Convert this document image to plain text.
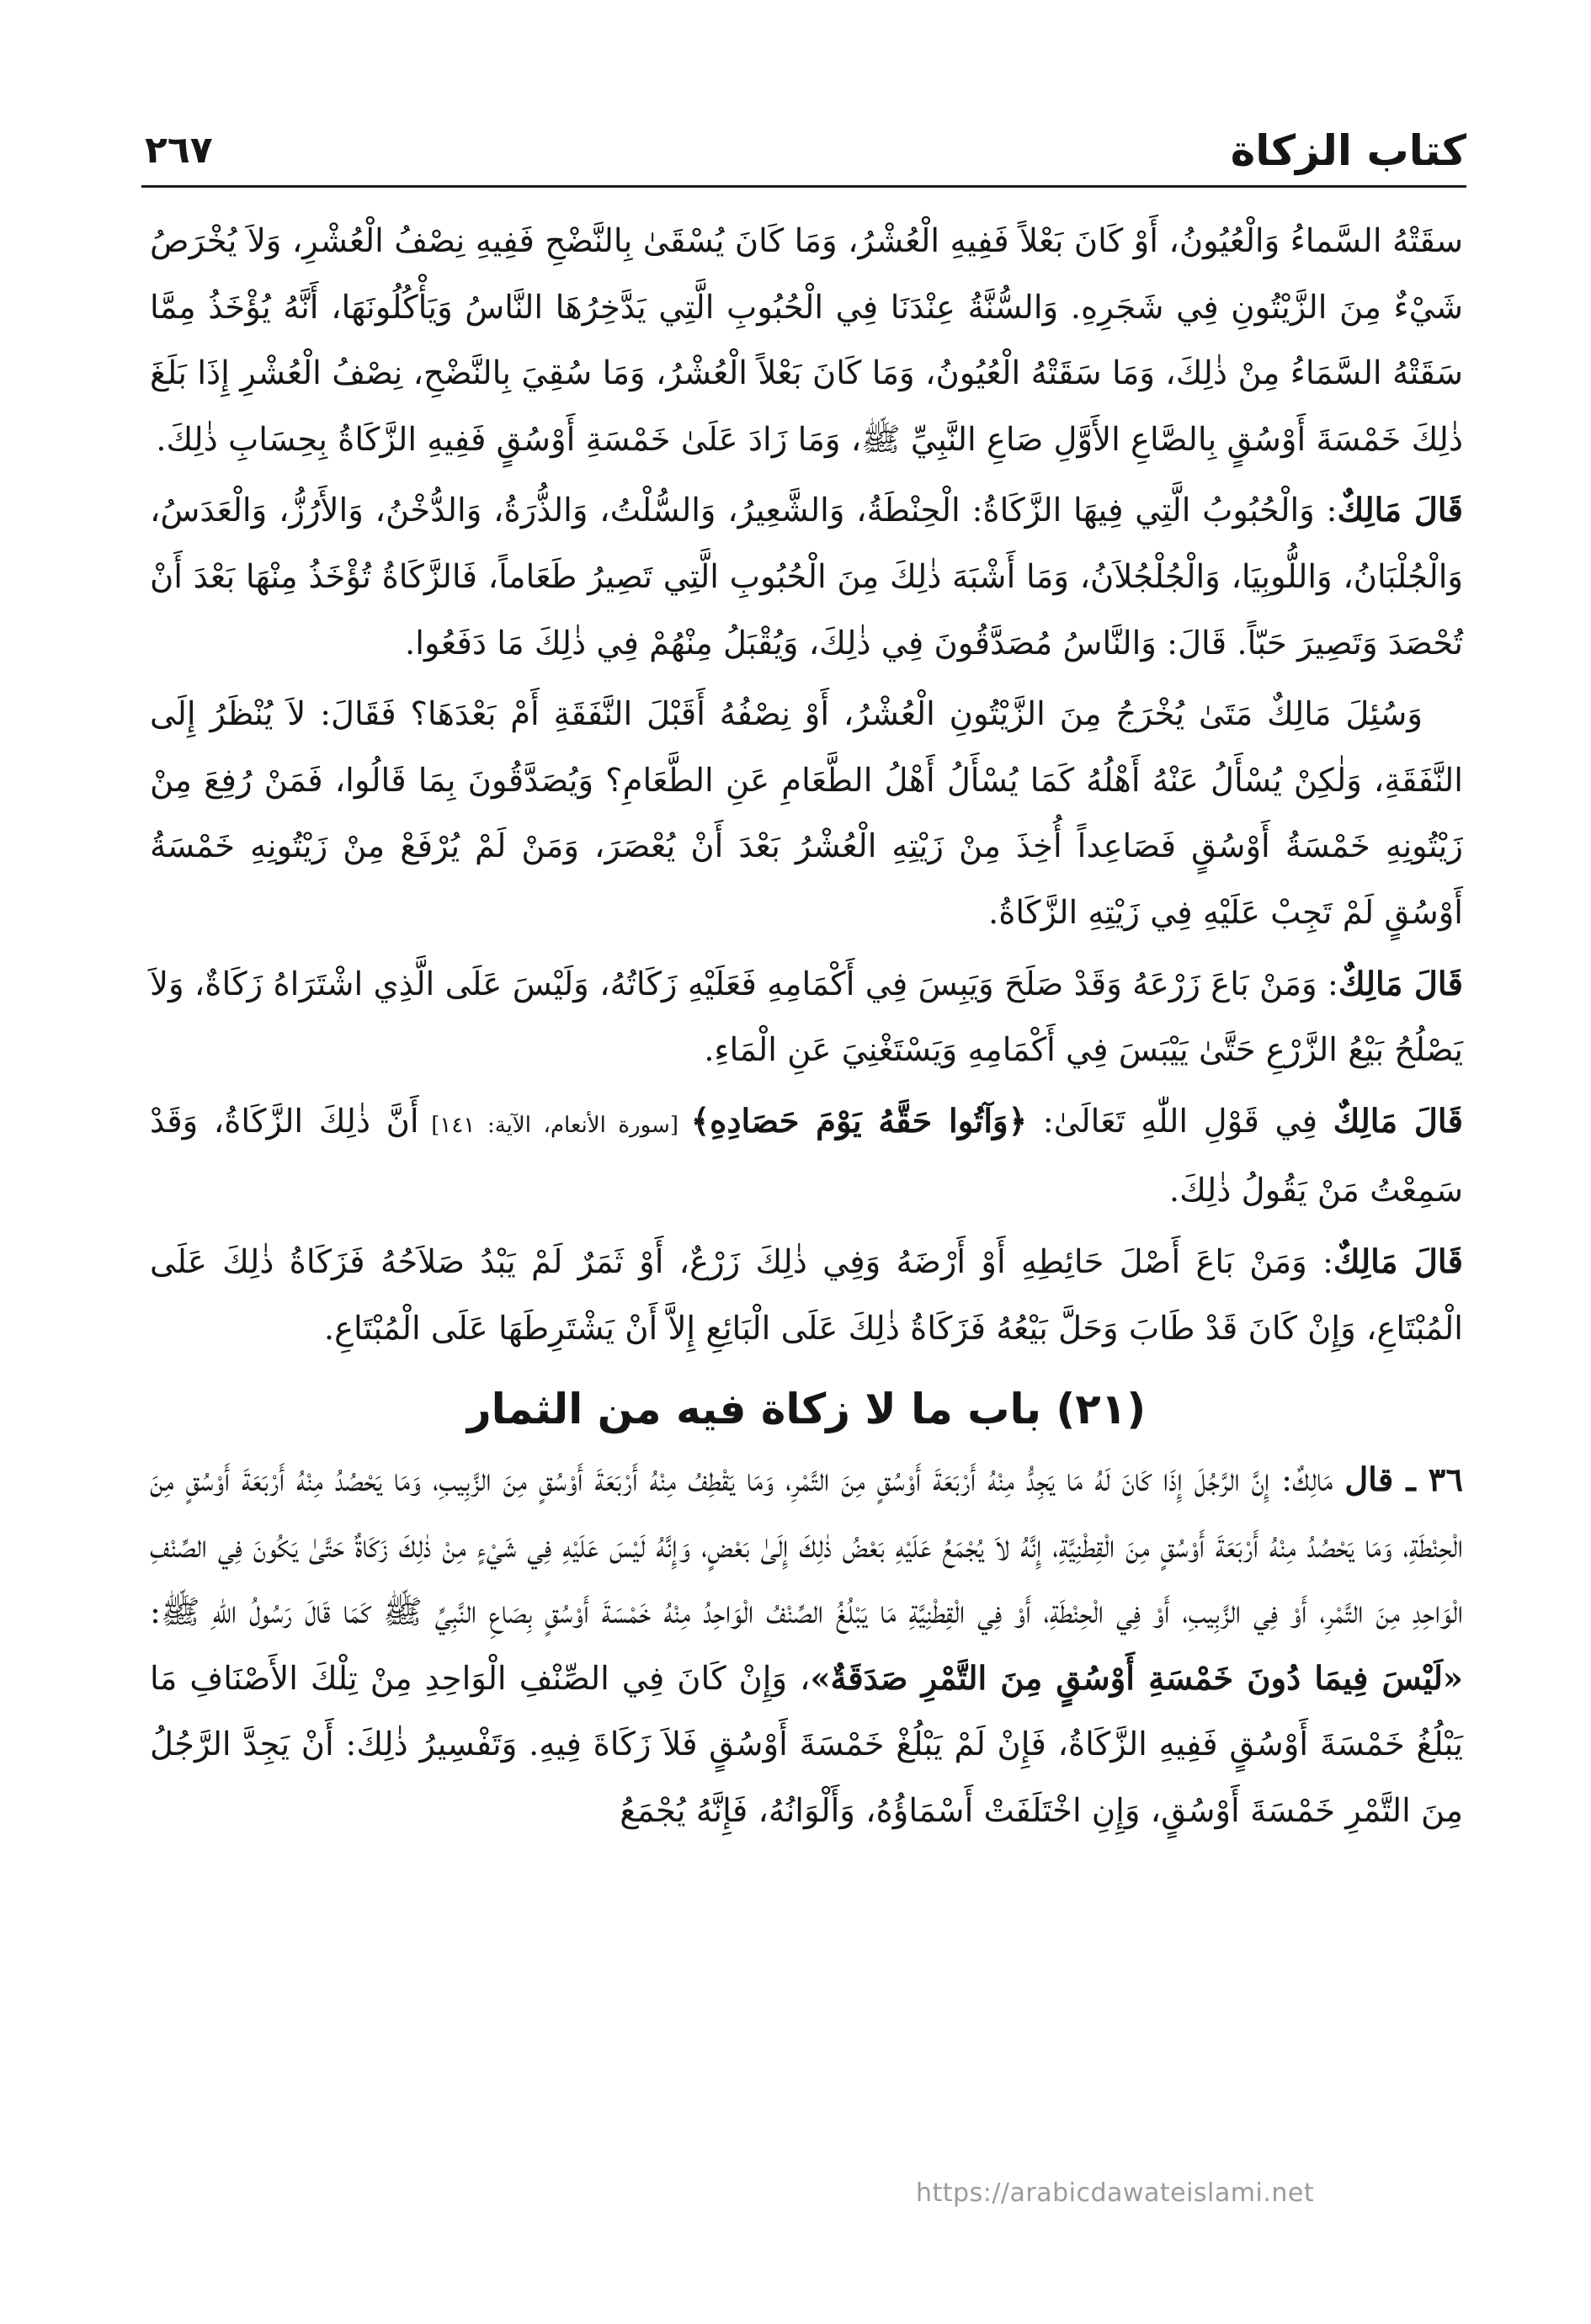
كتاب الزكاة
٢٦٧

سقَتْهُ السَّماءُ وَالْعُيُونُ، أَوْ كَانَ بَعْلاً فَفِيهِ الْعُشْرُ، وَمَا كَانَ يُسْقَىٰ بِالنَّضْحِ فَفِيهِ نِصْفُ الْعُشْرِ، وَلاَ يُخْرَصُ شَيْءٌ مِنَ الزَّيْتُونِ فِي شَجَرِهِ. وَالسُّنَّةُ عِنْدَنَا فِي الْحُبُوبِ الَّتِي يَدَّخِرُهَا النَّاسُ وَيَأْكُلُونَهَا، أَنَّهُ يُؤْخَذُ مِمَّا سَقَتْهُ السَّمَاءُ مِنْ ذٰلِكَ، وَمَا سَقَتْهُ الْعُيُونُ، وَمَا كَانَ بَعْلاً الْعُشْرُ، وَمَا سُقِيَ بِالنَّضْحِ، نِصْفُ الْعُشْرِ إِذَا بَلَغَ ذٰلِكَ خَمْسَةَ أَوْسُقٍ بِالصَّاعِ الأَوَّلِ صَاعِ النَّبِيِّ ﷺ، وَمَا زَادَ عَلَىٰ خَمْسَةِ أَوْسُقٍ فَفِيهِ الزَّكَاةُ بِحِسَابِ ذٰلِكَ.

قَالَ مَالِكٌ: وَالْحُبُوبُ الَّتِي فِيهَا الزَّكَاةُ: الْحِنْطَةُ، وَالشَّعِيرُ، وَالسُّلْتُ، وَالذُّرَةُ، وَالدُّخْنُ، وَالأَرُزُّ، وَالْعَدَسُ، وَالْجُلْبَانُ، وَاللُّوبِيَا، وَالْجُلْجُلاَنُ، وَمَا أَشْبَهَ ذٰلِكَ مِنَ الْحُبُوبِ الَّتِي تَصِيرُ طَعَاماً، فَالزَّكَاةُ تُؤْخَذُ مِنْهَا بَعْدَ أَنْ تُحْصَدَ وَتَصِيرَ حَبّاً. قَالَ: وَالنَّاسُ مُصَدَّقُونَ فِي ذٰلِكَ، وَيُقْبَلُ مِنْهُمْ فِي ذٰلِكَ مَا دَفَعُوا.

وَسُئِلَ مَالِكٌ مَتَىٰ يُخْرَجُ مِنَ الزَّيْتُونِ الْعُشْرُ، أَوْ نِصْفُهُ أَقَبْلَ النَّفَقَةِ أَمْ بَعْدَهَا؟ فَقَالَ: لاَ يُنْظَرُ إِلَى النَّفَقَةِ، وَلٰكِنْ يُسْأَلُ عَنْهُ أَهْلُهُ كَمَا يُسْأَلُ أَهْلُ الطَّعَامِ عَنِ الطَّعَامِ؟ وَيُصَدَّقُونَ بِمَا قَالُوا، فَمَنْ رُفِعَ مِنْ زَيْتُونِهِ خَمْسَةُ أَوْسُقٍ فَصَاعِداً أُخِذَ مِنْ زَيْتِهِ الْعُشْرُ بَعْدَ أَنْ يُعْصَرَ، وَمَنْ لَمْ يُرْفَعْ مِنْ زَيْتُونِهِ خَمْسَةُ أَوْسُقٍ لَمْ تَجِبْ عَلَيْهِ فِي زَيْتِهِ الزَّكَاةُ.

قَالَ مَالِكٌ: وَمَنْ بَاعَ زَرْعَهُ وَقَدْ صَلَحَ وَيَبِسَ فِي أَكْمَامِهِ فَعَلَيْهِ زَكَاتُهُ، وَلَيْسَ عَلَى الَّذِي اشْتَرَاهُ زَكَاةٌ، وَلاَ يَصْلُحُ بَيْعُ الزَّرْعِ حَتَّىٰ يَيْبَسَ فِي أَكْمَامِهِ وَيَسْتَغْنِيَ عَنِ الْمَاءِ.

قَالَ مَالِكٌ فِي قَوْلِ اللّٰهِ تَعَالَىٰ: ﴿وَآتُوا حَقَّهُ يَوْمَ حَصَادِهِ﴾ [سورة الأنعام، الآية: ١٤١] أَنَّ ذٰلِكَ الزَّكَاةُ، وَقَدْ سَمِعْتُ مَنْ يَقُولُ ذٰلِكَ.

قَالَ مَالِكٌ: وَمَنْ بَاعَ أَصْلَ حَائِطِهِ أَوْ أَرْضَهُ وَفِي ذٰلِكَ زَرْعٌ، أَوْ ثَمَرٌ لَمْ يَبْدُ صَلاَحُهُ فَزَكَاةُ ذٰلِكَ عَلَى الْمُبْتَاعِ، وَإِنْ كَانَ قَدْ طَابَ وَحَلَّ بَيْعُهُ فَزَكَاةُ ذٰلِكَ عَلَى الْبَائِعِ إِلاَّ أَنْ يَشْتَرِطَهَا عَلَى الْمُبْتَاعِ.

(٢١) باب ما لا زكاة فيه من الثمار

٣٦ ـ قال مَالِكٌ: إِنَّ الرَّجُلَ إِذَا كَانَ لَهُ مَا يَجِدُّ مِنْهُ أَرْبَعَةَ أَوْسُقٍ مِنَ التَّمْرِ، وَمَا يَقْطِفُ مِنْهُ أَرْبَعَةَ أَوْسُقٍ مِنَ الزَّبِيبِ، وَمَا يَحْصُدُ مِنْهُ أَرْبَعَةَ أَوْسُقٍ مِنَ الْحِنْطَةِ، وَمَا يَحْصُدُ مِنْهُ أَرْبَعَةَ أَوْسُقٍ مِنَ الْقِطْنِيَّةِ، إِنَّهُ لاَ يُجْمَعُ عَلَيْهِ بَعْضُ ذٰلِكَ إِلَىٰ بَعْضٍ، وَإِنَّهُ لَيْسَ عَلَيْهِ فِي شَيْءٍ مِنْ ذٰلِكَ زَكَاةٌ حَتَّىٰ يَكُونَ فِي الصِّنْفِ الْوَاحِدِ مِنَ التَّمْرِ، أَوْ فِي الزَّبِيبِ، أَوْ فِي الْحِنْطَةِ، أَوْ فِي الْقِطْنِيَّةِ مَا يَبْلُغُ الصِّنْفُ الْوَاحِدُ مِنْهُ خَمْسَةَ أَوْسُقٍ بِصَاعِ النَّبِيِّ ﷺ كَمَا قَالَ رَسُولُ اللّٰهِ ﷺ: «لَيْسَ فِيمَا دُونَ خَمْسَةِ أَوْسُقٍ مِنَ التَّمْرِ صَدَقَةٌ»، وَإِنْ كَانَ فِي الصِّنْفِ الْوَاحِدِ مِنْ تِلْكَ الأَصْنَافِ مَا يَبْلُغُ خَمْسَةَ أَوْسُقٍ فَفِيهِ الزَّكَاةُ، فَإِنْ لَمْ يَبْلُغْ خَمْسَةَ أَوْسُقٍ فَلاَ زَكَاةَ فِيهِ. وَتَفْسِيرُ ذٰلِكَ: أَنْ يَجِدَّ الرَّجُلُ مِنَ التَّمْرِ خَمْسَةَ أَوْسُقٍ، وَإِنِ اخْتَلَفَتْ أَسْمَاؤُهُ، وَأَلْوَانُهُ، فَإِنَّهُ يُجْمَعُ

https://arabicdawateislami.net
